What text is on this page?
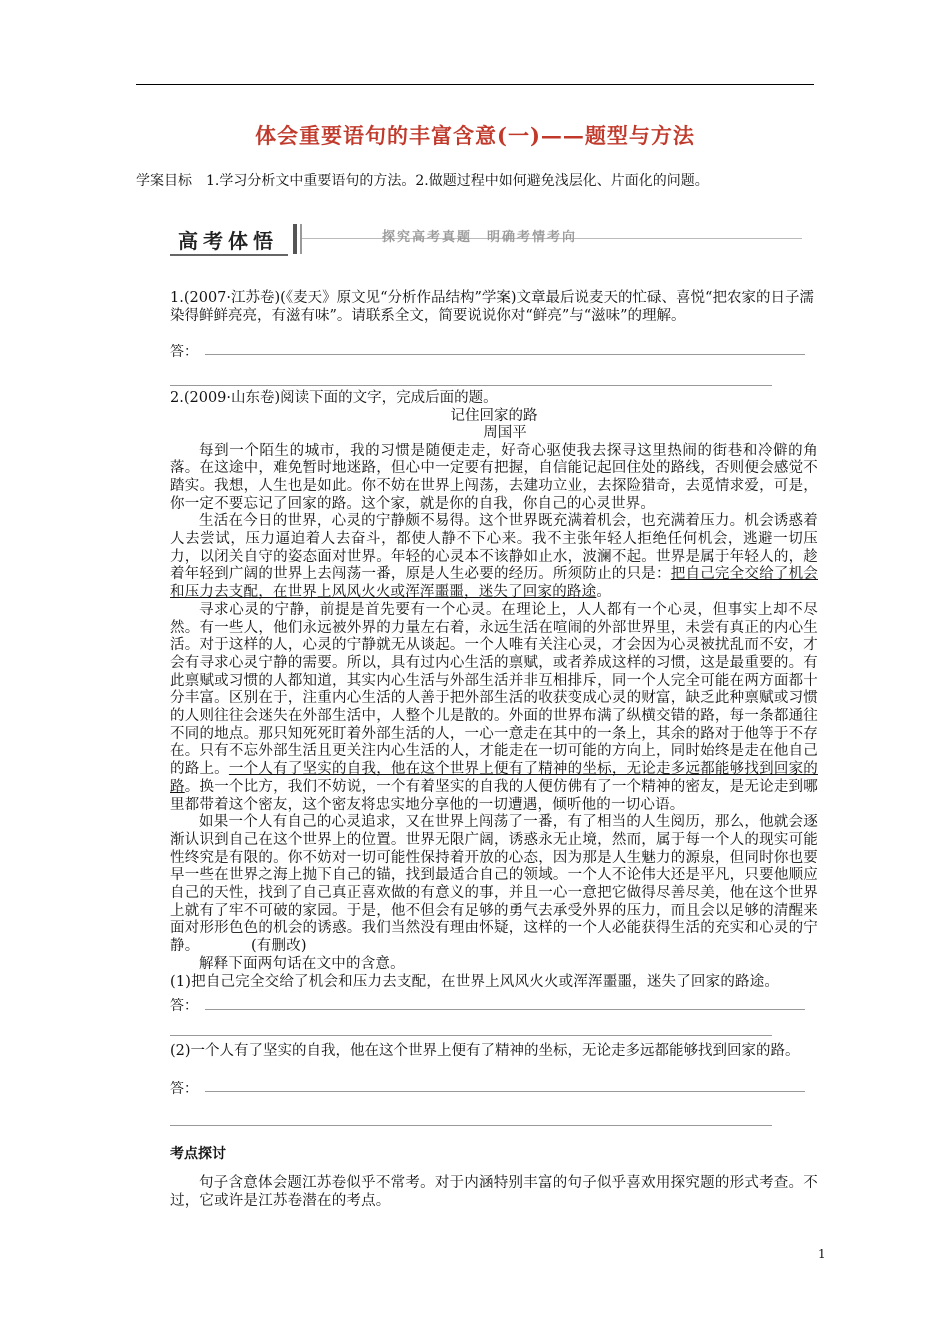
体会重要语句的丰富含意(一)——题型与方法
学案目标　1.学习分析文中重要语句的方法。2.做题过程中如何避免浅层化、片面化的问题。
高考体悟	探究高考真题　明确考情考向

1.(2007·江苏卷)(《麦天》原文见“分析作品结构”学案)文章最后说麦天的忙碌、喜悦“把农家的日子濡染得鲜鲜亮亮，有滋有味”。请联系全文，简要说说你对“鲜亮”与“滋味”的理解。

答：

2.(2009·山东卷)阅读下面的文字，完成后面的题。

记住回家的路

周国平

每到一个陌生的城市，我的习惯是随便走走，好奇心驱使我去探寻这里热闹的街巷和冷僻的角落。在这途中，难免暂时地迷路，但心中一定要有把握，自信能记起回住处的路线，否则便会感觉不踏实。我想，人生也是如此。你不妨在世界上闯荡，去建功立业，去探险猎奇，去觅情求爱，可是，你一定不要忘记了回家的路。这个家，就是你的自我，你自己的心灵世界。

生活在今日的世界，心灵的宁静颇不易得。这个世界既充满着机会，也充满着压力。机会诱惑着人去尝试，压力逼迫着人去奋斗，都使人静不下心来。我不主张年轻人拒绝任何机会，逃避一切压力，以闭关自守的姿态面对世界。年轻的心灵本不该静如止水，波澜不起。世界是属于年轻人的，趁着年轻到广阔的世界上去闯荡一番，原是人生必要的经历。所须防止的只是：把自己完全交给了机会和压力去支配，在世界上风风火火或浑浑噩噩，迷失了回家的路途。

寻求心灵的宁静，前提是首先要有一个心灵。在理论上，人人都有一个心灵，但事实上却不尽然。有一些人，他们永远被外界的力量左右着，永远生活在喧闹的外部世界里，未尝有真正的内心生活。对于这样的人，心灵的宁静就无从谈起。一个人唯有关注心灵，才会因为心灵被扰乱而不安，才会有寻求心灵宁静的需要。所以，具有过内心生活的禀赋，或者养成这样的习惯，这是最重要的。有此禀赋或习惯的人都知道，其实内心生活与外部生活并非互相排斥，同一个人完全可能在两方面都十分丰富。区别在于，注重内心生活的人善于把外部生活的收获变成心灵的财富，缺乏此种禀赋或习惯的人则往往会迷失在外部生活中，人整个儿是散的。外面的世界布满了纵横交错的路，每一条都通往不同的地点。那只知死死盯着外部生活的人，一心一意走在其中的一条上，其余的路对于他等于不存在。只有不忘外部生活且更关注内心生活的人，才能走在一切可能的方向上，同时始终是走在他自己的路上。一个人有了坚实的自我，他在这个世界上便有了精神的坐标，无论走多远都能够找到回家的路。换一个比方，我们不妨说，一个有着坚实的自我的人便仿佛有了一个精神的密友，是无论走到哪里都带着这个密友，这个密友将忠实地分享他的一切遭遇，倾听他的一切心语。

如果一个人有自己的心灵追求，又在世界上闯荡了一番，有了相当的人生阅历，那么，他就会逐渐认识到自己在这个世界上的位置。世界无限广阔，诱惑永无止境，然而，属于每一个人的现实可能性终究是有限的。你不妨对一切可能性保持着开放的心态，因为那是人生魅力的源泉，但同时你也要早一些在世界之海上抛下自己的锚，找到最适合自己的领域。一个人不论伟大还是平凡，只要他顺应自己的天性，找到了自己真正喜欢做的有意义的事，并且一心一意把它做得尽善尽美，他在这个世界上就有了牢不可破的家园。于是，他不但会有足够的勇气去承受外界的压力，而且会以足够的清醒来面对形形色色的机会的诱惑。我们当然没有理由怀疑，这样的一个人必能获得生活的充实和心灵的宁静。　　　　(有删改)

解释下面两句话在文中的含意。

(1)把自己完全交给了机会和压力去支配，在世界上风风火火或浑浑噩噩，迷失了回家的路途。

答：

(2)一个人有了坚实的自我，他在这个世界上便有了精神的坐标，无论走多远都能够找到回家的路。

答：
考点探讨

句子含意体会题江苏卷似乎不常考。对于内涵特别丰富的句子似乎喜欢用探究题的形式考查。不过，它或许是江苏卷潜在的考点。

1
